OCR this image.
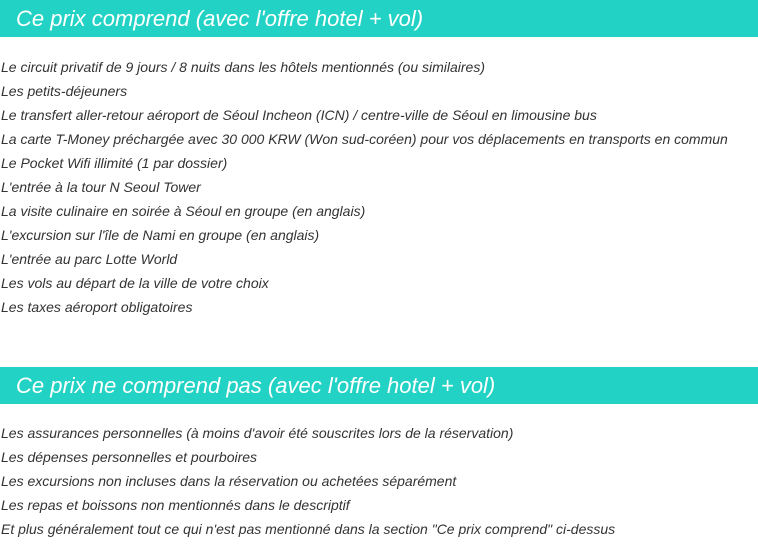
Ce prix comprend (avec l'offre hotel + vol)
Le circuit privatif de 9 jours / 8 nuits dans les hôtels mentionnés (ou similaires)
Les petits-déjeuners
Le transfert aller-retour aéroport de Séoul Incheon (ICN) / centre-ville de Séoul en limousine bus
La carte T-Money préchargée avec 30 000 KRW (Won sud-coréen) pour vos déplacements en transports en commun
Le Pocket Wifi illimité (1 par dossier)
L'entrée à la tour N Seoul Tower
La visite culinaire en soirée à Séoul en groupe (en anglais)
L'excursion sur l'île de Nami en groupe (en anglais)
L'entrée au parc Lotte World
Les vols au départ de la ville de votre choix
Les taxes aéroport obligatoires
Ce prix ne comprend pas (avec l'offre hotel + vol)
Les assurances personnelles (à moins d'avoir été souscrites lors de la réservation)
Les dépenses personnelles et pourboires
Les excursions non incluses dans la réservation ou achetées séparément
Les repas et boissons non mentionnés dans le descriptif
Et plus généralement tout ce qui n'est pas mentionné dans la section "Ce prix comprend" ci-dessus
